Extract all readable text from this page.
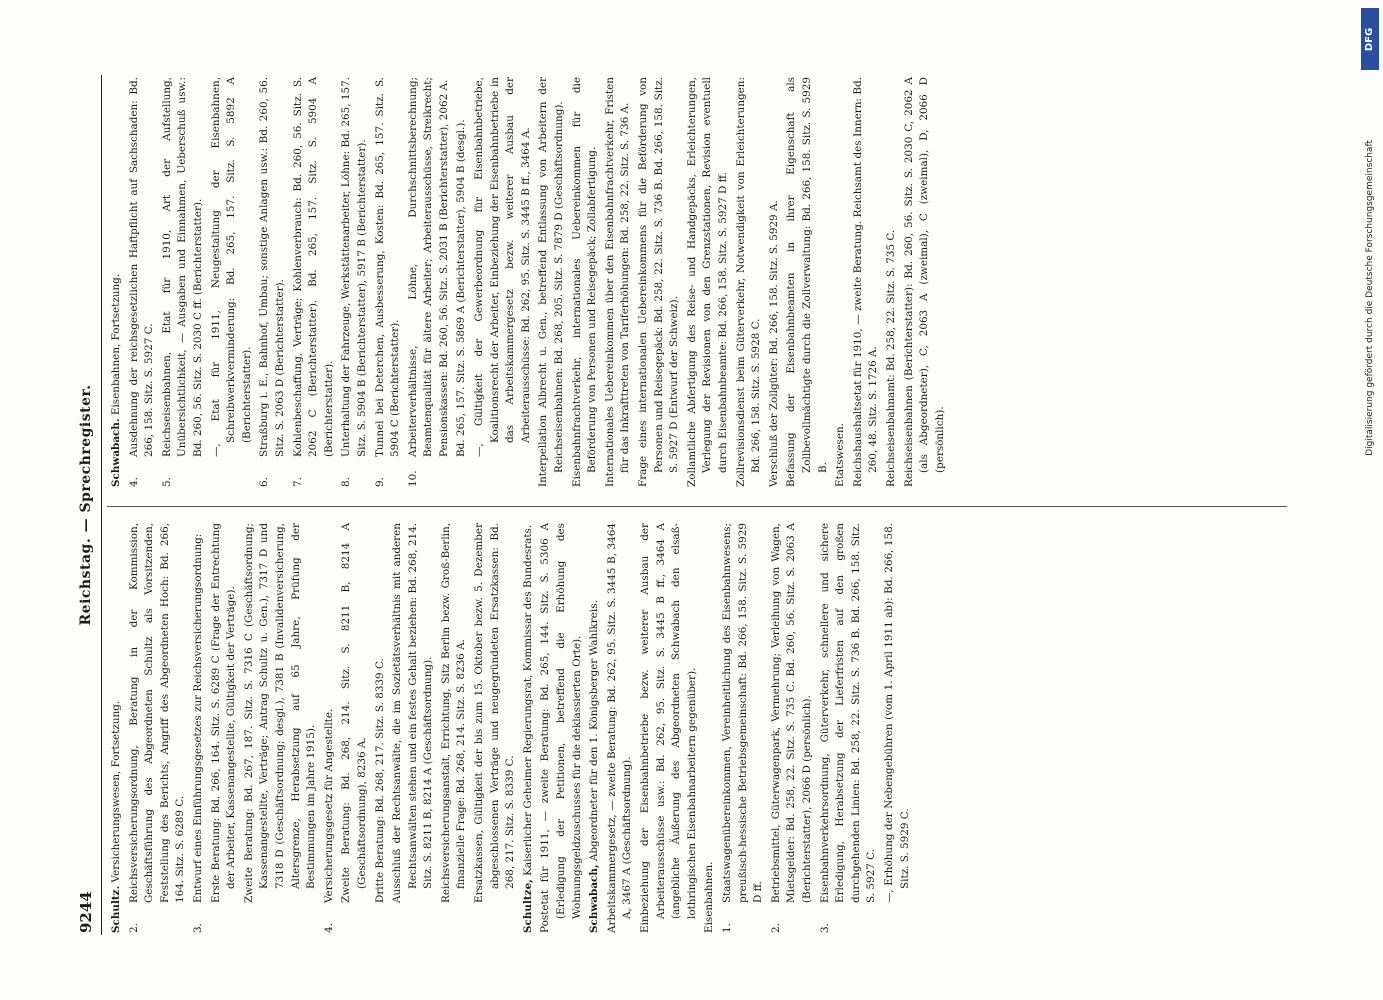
9244
Reichstag. — Sprechregister.
Schultz. Versicherungswesen, Fortsetzung.
2.Reichsversicherungsordnung, Beratung in der Kommission, Geschäftsführung des Abgeordneten Schultz als Vorsitzenden, Feststellung des Berichts, Angriff des Abgeordneten Hoch: Bd. 266, 164. Sitz. S. 6289 C.
3.Entwurf eines Einführungsgesetzes zur Reichsversicherungsordnung: Erste Beratung: Bd. 266, 164. Sitz. S. 6289 C (Frage der Entrechtung der Arbeiter, Kassenangestellte, Gültigkeit der Verträge). Zweite Beratung: Bd. 267, 187. Sitz. S. 7316 C (Geschäftsordnung; Kassenangestellte, Verträge; Antrag Schultz u. Gen.), 7317 D und 7318 D (Geschäftsordnung; desgl.), 7381 B (Invalidenversicherung, Altersgrenze, Herabsetzung auf 65 Jahre, Prüfung der Bestimmungen im Jahre 1915).
4.Versicherungsgesetz für Angestellte. Zweite Beratung: Bd. 268, 214. Sitz. S. 8211 B, 8214 A (Geschäftsordnung), 8236 A. Dritte Beratung: Bd. 268, 217. Sitz. S. 8339 C. Ausschluß der Rechtsanwälte, die im Sozietätsverhältnis mit anderen Rechtsanwälten stehen und ein festes Gehalt beziehen: Bd. 268, 214. Sitz. S. 8211 B, 8214 A (Geschäftsordnung). Reichsversicherungsanstalt, Errichtung, Sitz Berlin bezw. Groß-Berlin, finanzielle Frage: Bd. 268, 214. Sitz. S. 8236 A. Ersatzkassen, Gültigkeit der bis zum 15. Oktober bezw. 5. Dezember abgeschlossenen Verträge und neugegründeten Ersatzkassen: Bd. 268, 217. Sitz. S. 8339 C.
Schultze, Kaiserlicher Geheimer Regierungsrat, Kommissar des Bundesrats. Postetat für 1911, — zweite Beratung: Bd. 265, 144. Sitz. S. 5306 A (Erledigung der Petitionen, betreffend die Erhöhung des Wohnungsgeldzuschusses für die deklassierten Orte). Schwabach, Abgeordneter für den 1. Königsberger Wahlkreis. Arbeitskammergesetz, — zweite Beratung: Bd. 262, 95. Sitz. S. 3445 B, 3464 A, 3467 A (Geschäftsordnung). Einbeziehung der Eisenbahnbetriebe bezw. weiterer Ausbau der Arbeiterausschüsse usw.: Bd. 262, 95. Sitz. S. 3445 B ff., 3464 A (angebliche Äußerung des Abgeordneten Schwabach den elsaß-lothringischen Eisenbahnarbeitern gegenüber). Eisenbahnen. 1.Staatswagenübereinkommen, Vereinheitlichung des Eisenbahnwesens; preußisch-hessische Betriebsgemeinschaft: Bd. 266, 158. Sitz. S. 5929 D ff.
2.Betriebsmittel, Güterwagenpark, Vermehrung; Verleihung von Wagen, Mietsgelder: Bd. 258, 22. Sitz. S. 735 C. Bd. 260, 56. Sitz. S. 2063 A (Berichterstatter), 2066 D (persönlich).
3.Eisenbahnverkehrsordnung, Güterverkehr, schnellere und sichere Erledigung, Herabsetzung der Lieferfristen auf den großen durchgehenden Linien: Bd. 258, 22. Sitz. S. 736 B. Bd. 266, 158. Sitz. S. 5927 C. —, Erhöhung der Nebengebühren (vom 1. April 1911 ab): Bd. 266, 158. Sitz. S. 5929 C.
Schwabach. Eisenbahnen, Fortsetzung.
4.Ausdehnung der reichsgesetzlichen Haftpflicht auf Sachschaden: Bd. 266, 158. Sitz. S. 5927 C.
5.Reichseisenbahnen, Etat für 1910, Art der Aufstellung, Unübersichtlichkeit, — Ausgaben und Einnahmen, Ueberschuß usw.: Bd. 260, 56. Sitz. S. 2030 C ff. (Berichterstatter). —, Etat für 1911, Neugestaltung der Eisenbahnen, Schreibwerkverminderung: Bd. 265, 157. Sitz. S. 5892 A (Berichterstatter).
6.Straßburg i. E., Bahnhof, Umbau; sonstige Anlagen usw.: Bd. 260, 56. Sitz. S. 2063 D (Berichterstatter).
7.Kohlenbeschaffung, Verträge; Kohlenverbrauch: Bd. 260, 56. Sitz. S. 2062 C (Berichterstatter). Bd. 265, 157. Sitz. S. 5904 A (Berichterstatter).
8.Unterhaltung der Fahrzeuge, Werkstättenarbeiter, Löhne: Bd. 265, 157. Sitz. S. 5904 B (Berichterstatter), 5917 B (Berichterstatter).
9.Tunnel bei Deterchen, Ausbesserung, Kosten: Bd. 265, 157. Sitz. S. 5904 C (Berichterstatter).
10.Arbeiterverhältnisse, Löhne, Durchschnittsberechnung; Beamtenqualität für ältere Arbeiter; Arbeiterausschüsse, Streikrecht; Pensionskassen: Bd. 260, 56. Sitz. S. 2031 B (Berichterstatter), 2062 A. Bd. 265, 157. Sitz. S. 5869 A (Berichterstatter), 5904 B (desgl.). —, Gültigkeit der Gewerbeordnung für Eisenbahnbetriebe, Koalitionsrecht der Arbeiter, Einbeziehung der Eisenbahnbetriebe in das Arbeitskammergesetz bezw. weiterer Ausbau der Arbeiterausschüsse: Bd. 262, 95. Sitz. S. 3445 B ff., 3464 A. Interpellation Albrecht u. Gen., betreffend Entlassung von Arbeitern der Reichseisenbahnen: Bd. 268, 205. Sitz. S. 7879 D (Geschäftsordnung). Eisenbahnfrachtverkehr, internationales Uebereinkommen für die Beförderung von Personen und Reisegepäck; Zollabfertigung. Internationales Uebereinkommen über den Eisenbahnfrachtverkehr, Fristen für das Inkrafttreten von Tariferhöhungen: Bd. 258, 22. Sitz. S. 736 A. Frage eines internationalen Uebereinkommens für die Beförderung von Personen und Reisegepäck: Bd. 258, 22. Sitz. S. 736 B. Bd. 266, 158. Sitz. S. 5927 D (Entwurf der Schweiz). Zollamtliche Abfertigung des Reise- und Handgepäcks, Erleichterungen, Verlegung der Revisionen von den Grenzstationen, Revision eventuell durch Eisenbahnbeamte: Bd. 266, 158. Sitz. S. 5927 D ff. Zollrevisionsdienst beim Güterverkehr, Notwendigkeit von Erleichterungen: Bd. 266, 158. Sitz. S. 5928 C. Verschluß der Zollgüter: Bd. 266, 158. Sitz. S. 5929 A. Befassung der Eisenbahnbeamten in ihrer Eigenschaft als Zollbevollmächtigte durch die Zollverwaltung: Bd. 266, 158. Sitz. S. 5929 B. Etatswesen. Reichshaushaltsetat für 1910, — zweite Beratung. Reichsamt des Innern: Bd. 260, 48. Sitz. S. 1726 A. Reichseisenbahnamt: Bd. 258, 22. Sitz. S. 735 C. Reichseisenbahnen (Berichterstatter): Bd. 260, 56. Sitz. S. 2030 C, 2062 A (als Abgeordneter), C, 2063 A (zweimal), C (zweimal), D, 2066 D (persönlich).
DFG
Digitalisierung gefördert durch die Deutsche Forschungsgemeinschaft
